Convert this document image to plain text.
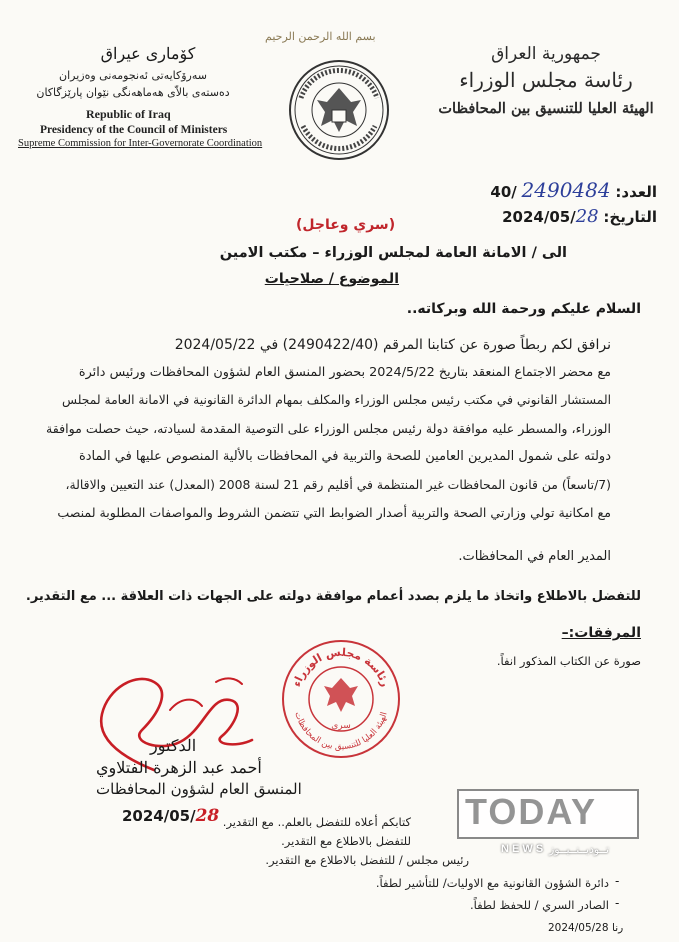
بسم الله الرحمن الرحيم
جمهورية العراق
رئاسة مجلس الوزراء
الهيئة العليا للتنسيق بين المحافظات
كۆمارى عيراق
سەرۆكايەتى ئەنجومەنى وەزيران
دەستەى بالاّى هەماهەنگى نێوان پارێزگاكان
Republic of Iraq
Presidency of the Council of Ministers
Supreme Commission for Inter-Governorate Coordination
العدد: 40/ 2490484
التاريخ: 2024/05/28
(سري وعاجل)
الى / الامانة العامة لمجلس الوزراء – مكتب الامين
الموضوع / صلاحيات
السلام عليكم ورحمة الله وبركاته..
نرافق لكم ربطاً صورة عن كتابنا المرقم (2490422/40) في 2024/05/22
مع محضر الاجتماع المنعقد بتاريخ 2024/5/22 بحضور المنسق العام لشؤون المحافظات ورئيس دائرة
المستشار القانوني في مكتب رئيس مجلس الوزراء والمكلف بمهام الدائرة القانونية في الامانة العامة لمجلس
الوزراء، والمسطر عليه موافقة دولة رئيس مجلس الوزراء على التوصية المقدمة لسيادته، حيث حصلت موافقة
دولته على شمول المديرين العامين للصحة والتربية في المحافظات بالألية المنصوص عليها في المادة
(7/تاسعاً) من قانون المحافظات غير المنتظمة في أقليم رقم 21 لسنة 2008 (المعدل) عند التعيين والاقالة،
مع امكانية تولي وزارتي الصحة والتربية أصدار الضوابط التي تتضمن الشروط والمواصفات المطلوبة لمنصب
المدير العام في المحافظات.
للتفضل بالاطلاع واتخاذ ما يلزم بصدد أعمام موافقة دولته على الجهات ذات العلاقة ... مع التقدير.
المرفقات:–
صورة عن الكتاب المذكور انفاً.
الدكتور
أحمد عبد الزهرة الفتلاوي
المنسق العام لشؤون المحافظات
2024/05/28
رئاسة مجلس الوزراء
الهيئة العليا للتنسيق بين المحافظات
سري
كتابكم أعلاه للتفضل بالعلم.. مع التقدير.
للتفضل بالاطلاع مع التقدير.
رئيس مجلس / للتفضل بالاطلاع مع التقدير.
دائرة الشؤون القانونية مع الاوليات/ للتأشير لطفاً.
الصادر السري / للحفظ لطفاً.
-
-
رنا
2024/05/28
TODAY
N E W S تــوديــنــيــوز
